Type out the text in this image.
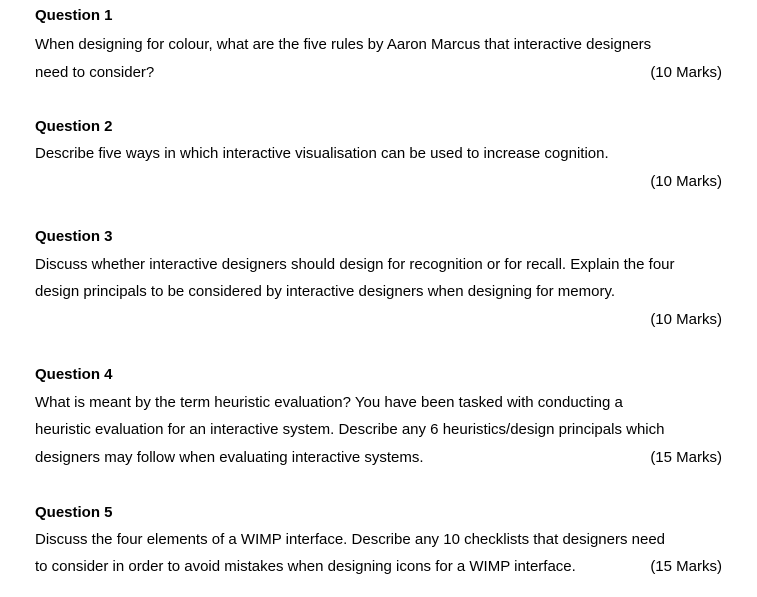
Question 1
When designing for colour, what are the five rules by Aaron Marcus that interactive designers
need to consider?	(10 Marks)
Question 2
Describe five ways in which interactive visualisation can be used to increase cognition.
(10 Marks)
Question 3
Discuss whether interactive designers should design for recognition or for recall. Explain the four
design principals to be considered by interactive designers when designing for memory.
(10 Marks)
Question 4
What is meant by the term heuristic evaluation? You have been tasked with conducting a
heuristic evaluation for an interactive system. Describe any 6 heuristics/design principals which
designers may follow when evaluating interactive systems.	(15 Marks)
Question 5
Discuss the four elements of a WIMP interface. Describe any 10 checklists that designers need
to consider in order to avoid mistakes when designing icons for a WIMP interface.	(15 Marks)
